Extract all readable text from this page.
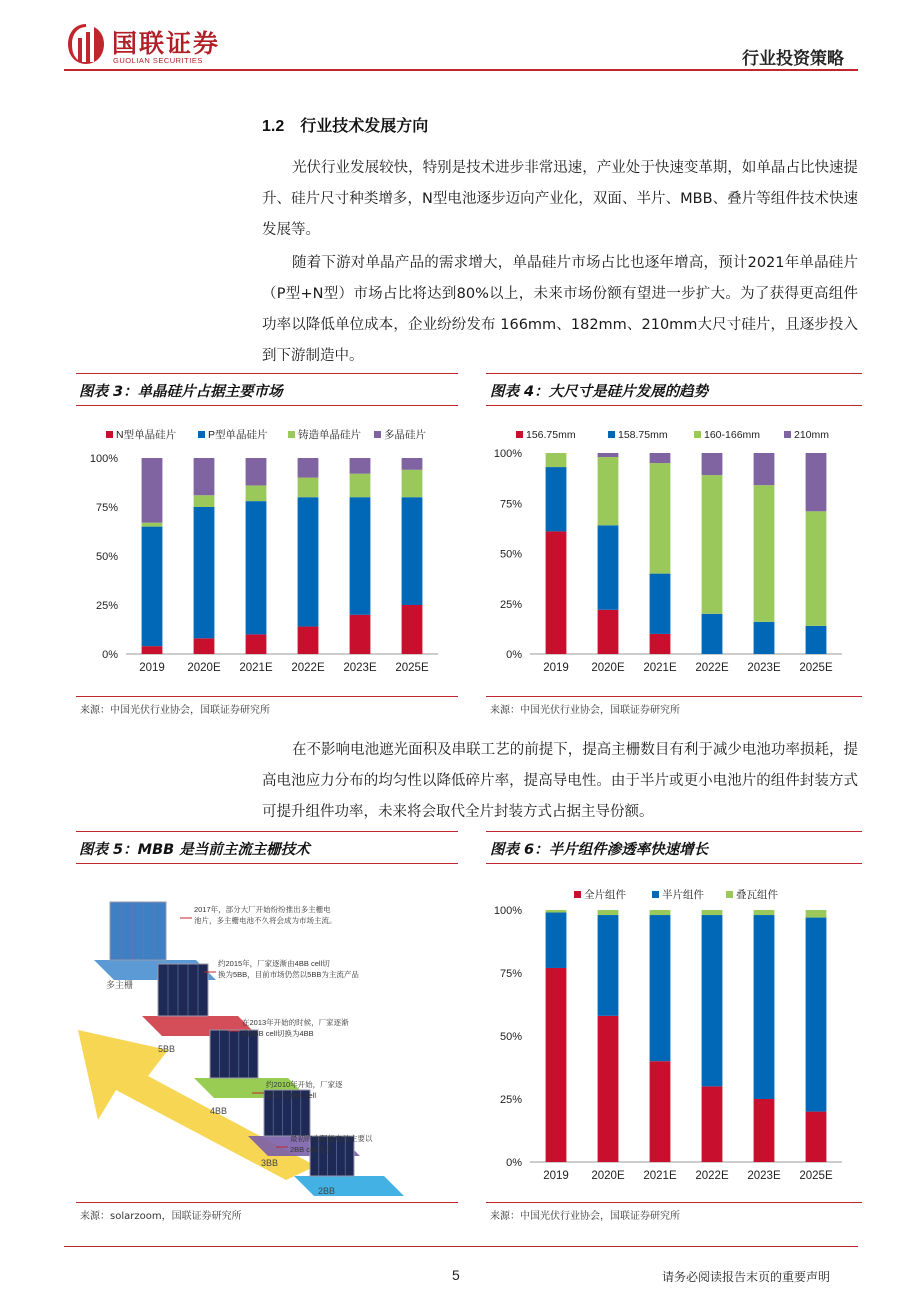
国联证券
GUOLIAN SECURITIES	行业投资策略
1.2 行业技术发展方向

光伏行业发展较快，特别是技术进步非常迅速，产业处于快速变革期，如单晶占比快速提升、硅片尺寸种类增多，N型电池逐步迈向产业化，双面、半片、MBB、叠片等组件技术快速发展等。

随着下游对单晶产品的需求增大，单晶硅片市场占比也逐年增高，预计2021年单晶硅片（P型+N型）市场占比将达到80%以上，未来市场份额有望进一步扩大。为了获得更高组件功率以降低单位成本，企业纷纷发布 166mm、182mm、210mm大尺寸硅片，且逐步投入到下游制造中。

图表 3：单晶硅片占据主要市场
N型单晶硅片	P型单晶硅片	铸造单晶硅片 多晶硅片
0%
25%
50%
75%
100%
2019 2020E 2021E 2022E 2023E 2025E
来源：中国光伏行业协会，国联证券研究所
图表 4：大尺寸是硅片发展的趋势
156.75mm	158.75mm	160-166mm	210mm
0%
25%
50%
75%
100%
2019 2020E 2021E 2022E 2023E 2025E
来源：中国光伏行业协会，国联证券研究所

在不影响电池遮光面积及串联工艺的前提下，提高主栅数目有利于减少电池功率损耗，提高电池应力分布的均匀性以降低碎片率，提高导电性。由于半片或更小电池片的组件封装方式可提升组件功率，未来将会取代全片封装方式占据主导份额。

图表 5：MBB 是当前主流主栅技术
多主栅
2017年，部分大厂开始纷纷推出多主栅电池片，多主栅电池不久将会成为市场主流。
5BB
约2015年，厂家逐渐由4BB cell切换为5BB，目前市场仍然以5BB为主流产品
4BB
在2013年开始的时候，厂家逐渐由3BB cell切换为4BB
3BB
约2010年开始，厂家逐渐切入3BB cell
2BB
最初的太阳能电池主要以 2BB cell为主
来源：solarzoom，国联证券研究所
图表 6：半片组件渗透率快速增长
全片组件	半片组件	叠瓦组件
0%
25%
50%
75%
100%
2019 2020E 2021E 2022E 2023E 2025E
来源：中国光伏行业协会，国联证券研究所
5	请务必阅读报告末页的重要声明
